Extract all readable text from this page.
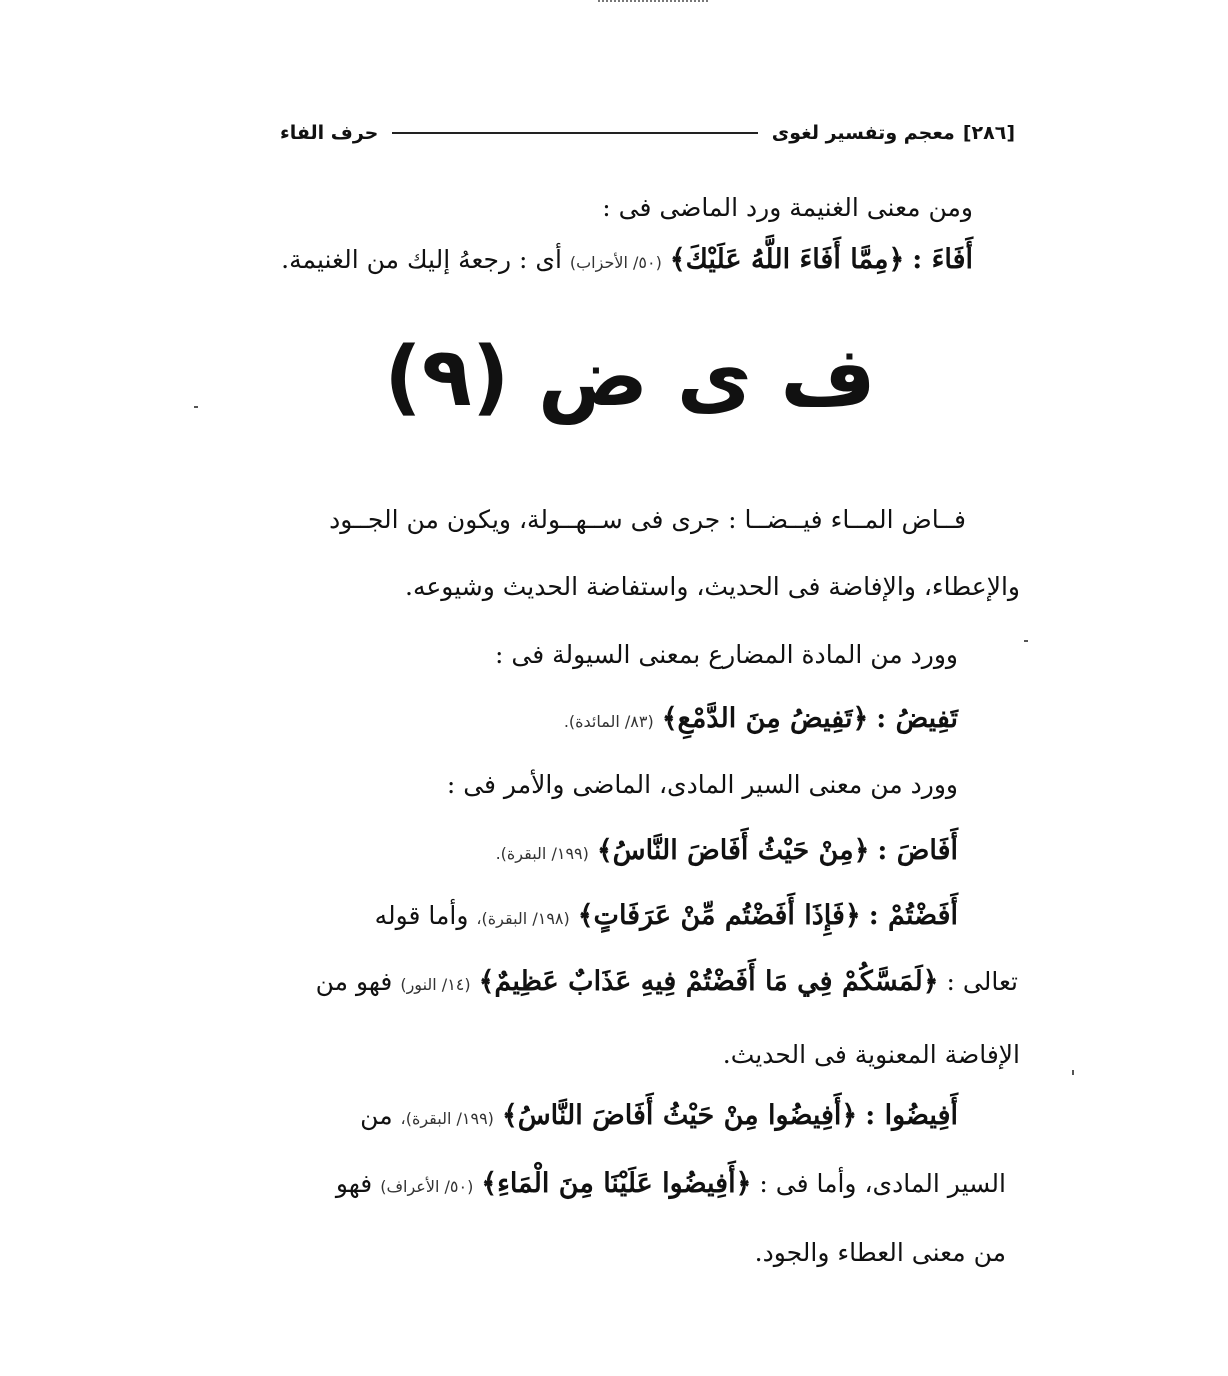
[٢٨٦]
معجم وتفسير لغوى
حرف الفاء
ومن معنى الغنيمة ورد الماضى فى :
أَفَاءَ : ﴿مِمَّا أَفَاءَ اللَّهُ عَلَيْكَ﴾ (٥٠/ الأحزاب) أى : رجعهُ إليك من الغنيمة.
ف ى ض (٩)
فــاض المــاء فيــضــا : جرى فى ســهــولة، ويكون من الجــود
والإعطاء، والإفاضة فى الحديث، واستفاضة الحديث وشيوعه.
وورد من المادة المضارع بمعنى السيولة فى :
تَفِيضُ : ﴿تَفِيضُ مِنَ الدَّمْعِ﴾ (٨٣/ المائدة).
وورد من معنى السير المادى، الماضى والأمر فى :
أَفَاضَ : ﴿مِنْ حَيْثُ أَفَاضَ النَّاسُ﴾ (١٩٩/ البقرة).
أَفَضْتُمْ : ﴿فَإِذَا أَفَضْتُم مِّنْ عَرَفَاتٍ﴾ (١٩٨/ البقرة)، وأما قوله
تعالى : ﴿لَمَسَّكُمْ فِي مَا أَفَضْتُمْ فِيهِ عَذَابٌ عَظِيمٌ﴾ (١٤/ النور) فهو من
الإفاضة المعنوية فى الحديث.
أَفِيضُوا : ﴿أَفِيضُوا مِنْ حَيْثُ أَفَاضَ النَّاسُ﴾ (١٩٩/ البقرة)، من
السير المادى، وأما فى : ﴿أَفِيضُوا عَلَيْنَا مِنَ الْمَاءِ﴾ (٥٠/ الأعراف) فهو
من معنى العطاء والجود.
